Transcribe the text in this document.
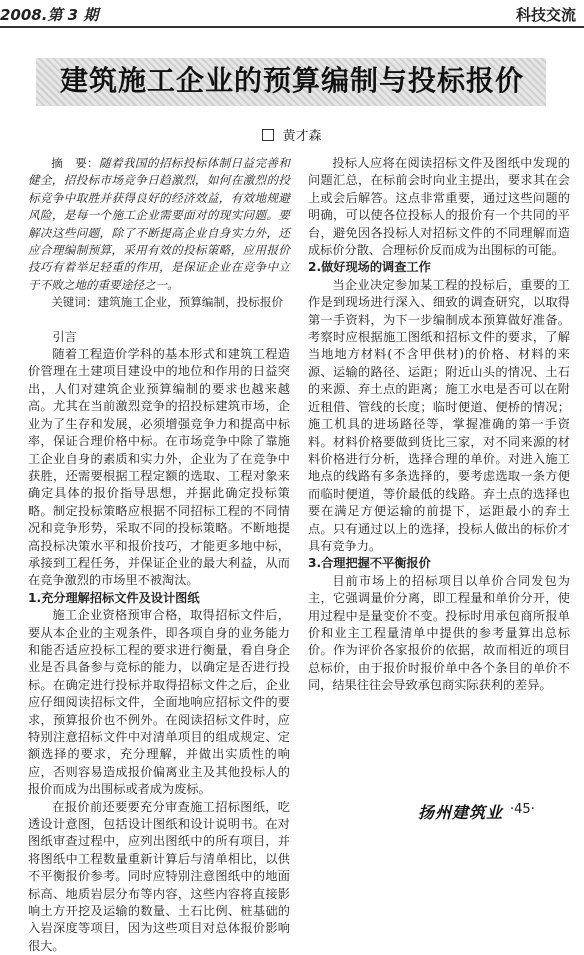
2008.第 3 期	科技交流
建筑施工企业的预算编制与投标报价
黄才森

摘　要：随着我国的招标投标体制日益完善和健全，招投标市场竞争日趋激烈，如何在激烈的投标竞争中取胜并获得良好的经济效益，有效地规避风险，是每一个施工企业需要面对的现实问题。要解决这些问题，除了不断提高企业自身实力外，还应合理编制预算，采用有效的投标策略，应用报价技巧有着举足轻重的作用，是保证企业在竞争中立于不败之地的重要途径之一。

关键词：建筑施工企业，预算编制，投标报价

引言

随着工程造价学科的基本形式和建筑工程造价管理在土建项目建设中的地位和作用的日益突出，人们对建筑企业预算编制的要求也越来越高。尤其在当前激烈竞争的招投标建筑市场，企业为了生存和发展，必须增强竞争力和提高中标率，保证合理价格中标。在市场竞争中除了靠施工企业自身的素质和实力外，企业为了在竞争中获胜，还需要根据工程定额的选取、工程对象来确定具体的报价指导思想，并据此确定投标策略。制定投标策略应根据不同招标工程的不同情况和竞争形势，采取不同的投标策略。不断地提高投标决策水平和报价技巧，才能更多地中标，承接到工程任务，并保证企业的最大利益，从而在竞争激烈的市场里不被淘汰。

1.充分理解招标文件及设计图纸

施工企业资格预审合格，取得招标文件后，要从本企业的主观条件，即各项自身的业务能力和能否适应投标工程的要求进行衡量，看自身企业是否具备参与竞标的能力，以确定是否进行投标。在确定进行投标并取得招标文件之后，企业应仔细阅读招标文件，全面地响应招标文件的要求，预算报价也不例外。在阅读招标文件时，应特别注意招标文件中对清单项目的组成规定、定额选择的要求，充分理解，并做出实质性的响应，否则容易造成报价偏离业主及其他投标人的报价而成为出围标或者成为废标。

在报价前还要要充分审查施工招标图纸，吃透设计意图，包括设计图纸和设计说明书。在对图纸审查过程中，应列出图纸中的所有项目，并将图纸中工程数量重新计算后与清单相比，以供不平衡报价参考。同时应特别注意图纸中的地面标高、地质岩层分布等内容，这些内容将直接影响土方开挖及运输的数量、土石比例、桩基础的入岩深度等项目，因为这些项目对总体报价影响很大。

投标人应将在阅读招标文件及图纸中发现的问题汇总，在标前会时向业主提出，要求其在会上或会后解答。这点非常重要，通过这些问题的明确，可以使各位投标人的报价有一个共同的平台，避免因各投标人对招标文件的不同理解而造成标价分散、合理标价反而成为出围标的可能。

2.做好现场的调查工作

当企业决定参加某工程的投标后，重要的工作是到现场进行深入、细致的调查研究，以取得第一手资料，为下一步编制成本预算做好准备。考察时应根据施工图纸和招标文件的要求，了解当地地方材料(不含甲供材)的价格、材料的来源、运输的路径、运距；附近山头的情况、土石的来源、弃土点的距离；施工水电是否可以在附近租借、管线的长度；临时便道、便桥的情况；施工机具的进场路径等，掌握准确的第一手资料。材料价格要做到货比三家，对不同来源的材料价格进行分析，选择合理的单价。对进入施工地点的线路有多条选择的，要考虑选取一条方便而临时便道，等价最低的线路。弃土点的选择也要在满足方便运输的前提下，运距最小的弃土点。只有通过以上的选择，投标人做出的标价才具有竞争力。

3.合理把握不平衡报价

目前市场上的招标项目以单价合同发包为主，它强调量价分离，即工程量和单价分开，使用过程中是量变价不变。投标时用承包商所报单价和业主工程量清单中提供的参考量算出总标价。作为评价各家报价的依据，故而相近的项目总标价，由于报价时报价单中各个条目的单价不同，结果往往会导致承包商实际获利的差异。

扬州建筑业 ·45·
